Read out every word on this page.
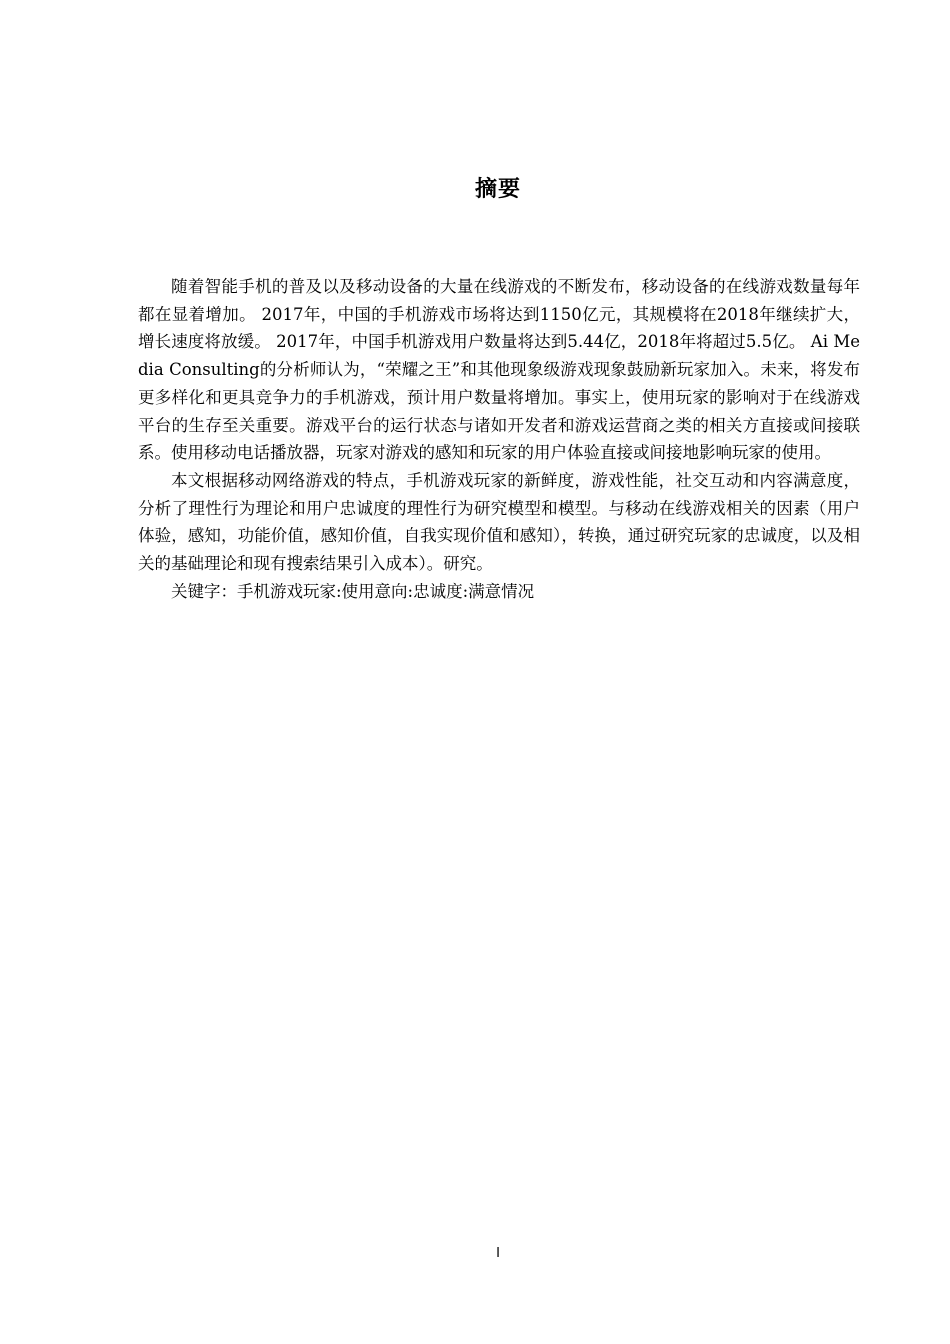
摘要

随着智能手机的普及以及移动设备的大量在线游戏的不断发布，移动设备的在线游戏数量每年都在显着增加。 2017年，中国的手机游戏市场将达到1150亿元，其规模将在2018年继续扩大，增长速度将放缓。 2017年，中国手机游戏用户数量将达到5.44亿，2018年将超过5.5亿。 Ai Media Consulting的分析师认为，“荣耀之王”和其他现象级游戏现象鼓励新玩家加入。未来，将发布更多样化和更具竞争力的手机游戏，预计用户数量将增加。事实上，使用玩家的影响对于在线游戏平台的生存至关重要。游戏平台的运行状态与诸如开发者和游戏运营商之类的相关方直接或间接联系。使用移动电话播放器，玩家对游戏的感知和玩家的用户体验直接或间接地影响玩家的使用。

本文根据移动网络游戏的特点，手机游戏玩家的新鲜度，游戏性能，社交互动和内容满意度，分析了理性行为理论和用户忠诚度的理性行为研究模型和模型。与移动在线游戏相关的因素（用户体验，感知，功能价值，感知价值，自我实现价值和感知），转换，通过研究玩家的忠诚度，以及相关的基础理论和现有搜索结果引入成本）。研究。

关键字：手机游戏玩家:使用意向:忠诚度:满意情况

I
